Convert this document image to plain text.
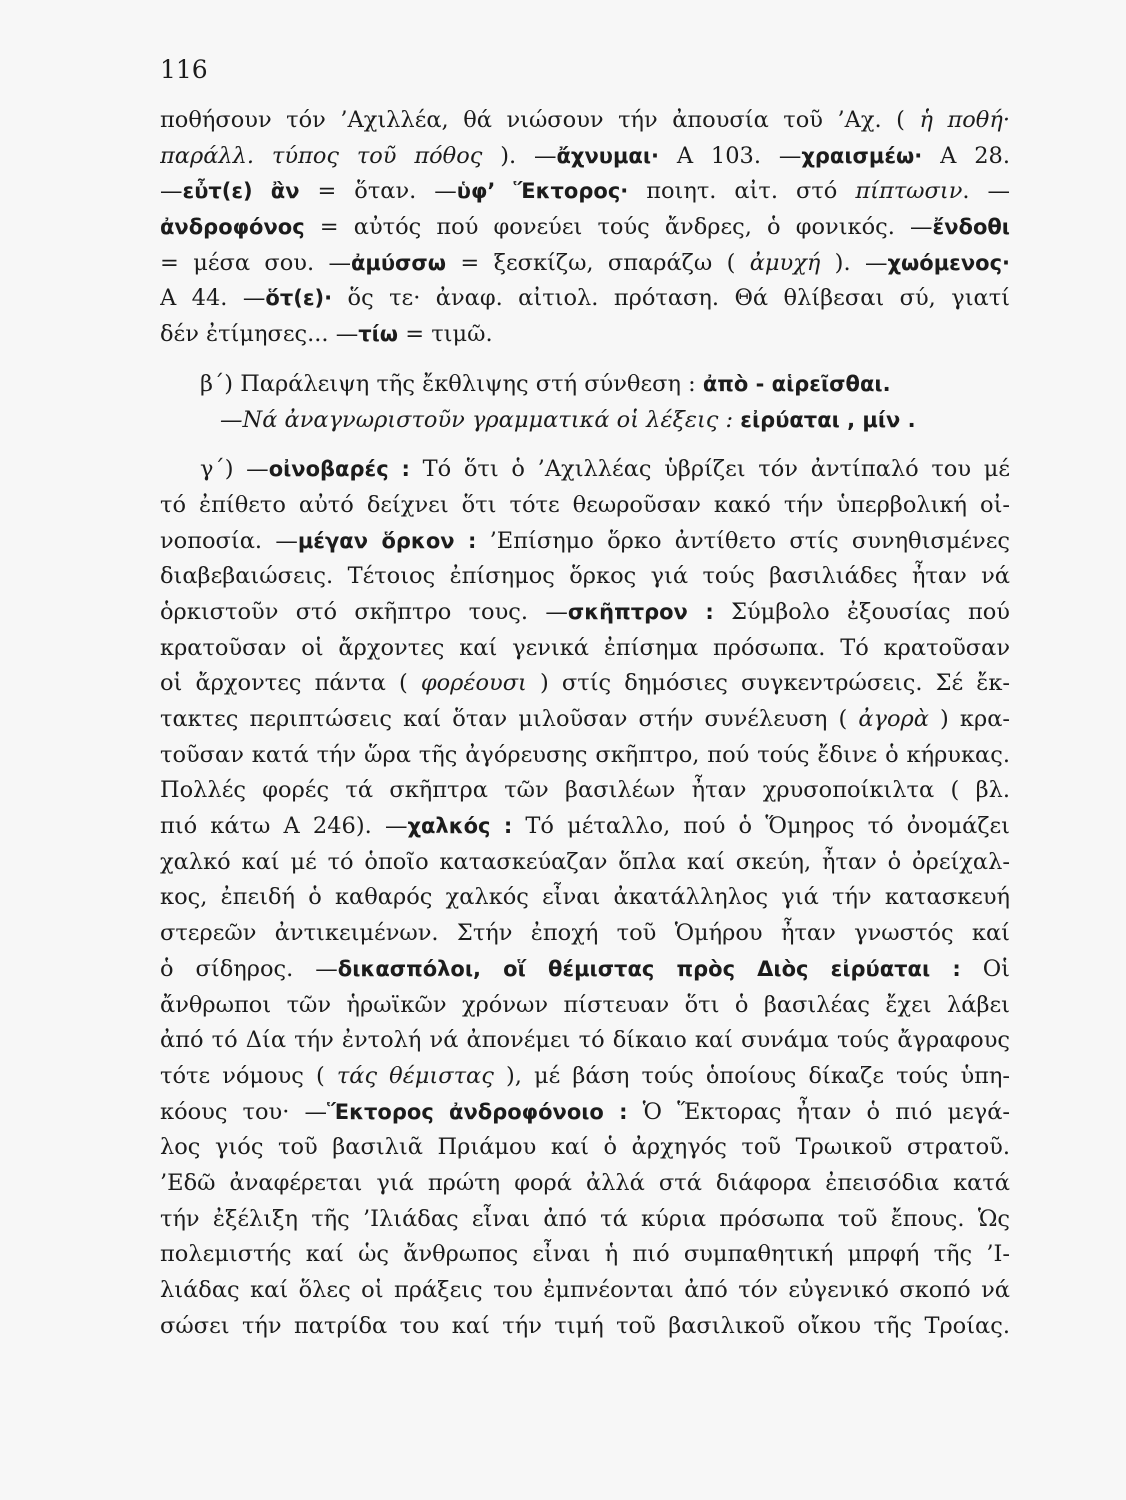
116
ποθήσουν τόν ’Αχιλλέα, θά νιώσουν τήν ἀπουσία τοῦ ’Αχ. ( ἡ ποθή·
παράλλ. τύπος τοῦ πόθος ). —ἄχνυμαι· Α 103. —χραισμέω· Α 28.
—εὖτ(ε) ἂν = ὅταν. —ὑφ’ Ἕκτορος· ποιητ. αἰτ. στό πίπτωσιν. —
ἀνδροφόνος = αὐτός πού φονεύει τούς ἄνδρες, ὁ φονικός. —ἔνδοθι
= μέσα σου. —ἀμύσσω = ξεσκίζω, σπαράζω ( ἀμυχή ). —χωόμενος·
Α 44. —ὅτ(ε)· ὅς τε· ἀναφ. αἰτιολ. πρόταση. Θά θλίβεσαι σύ, γιατί
δέν ἐτίμησες... —τίω = τιμῶ.
β΄) Παράλειψη τῆς ἔκθλιψης στή σύνθεση : ἀπὸ - αἱρεῖσθαι.
—Νά ἀναγνωριστοῦν γραμματικά οἱ λέξεις : εἰρύαται , μίν .
γ΄) —οἰνοβαρές : Τό ὅτι ὁ ’Αχιλλέας ὑβρίζει τόν ἀντίπαλό του μέ
τό ἐπίθετο αὐτό δείχνει ὅτι τότε θεωροῦσαν κακό τήν ὑπερβολική οἰ-
νοποσία. —μέγαν ὅρκον : ’Επίσημο ὅρκο ἀντίθετο στίς συνηθισμένες
διαβεβαιώσεις. Τέτοιος ἐπίσημος ὅρκος γιά τούς βασιλιάδες ἦταν νά
ὁρκιστοῦν στό σκῆπτρο τους. —σκῆπτρον : Σύμβολο ἐξουσίας πού
κρατοῦσαν οἱ ἄρχοντες καί γενικά ἐπίσημα πρόσωπα. Τό κρατοῦσαν
οἱ ἄρχοντες πάντα ( φορέουσι ) στίς δημόσιες συγκεντρώσεις. Σέ ἔκ-
τακτες περιπτώσεις καί ὅταν μιλοῦσαν στήν συνέλευση ( ἀγορὰ ) κρα-
τοῦσαν κατά τήν ὥρα τῆς ἀγόρευσης σκῆπτρο, πού τούς ἔδινε ὁ κήρυκας.
Πολλές φορές τά σκῆπτρα τῶν βασιλέων ἦταν χρυσοποίκιλτα ( βλ.
πιό κάτω Α 246). —χαλκός : Τό μέταλλο, πού ὁ Ὅμηρος τό ὀνομάζει
χαλκό καί μέ τό ὁποῖο κατασκεύαζαν ὅπλα καί σκεύη, ἦταν ὁ ὀρείχαλ-
κος, ἐπειδή ὁ καθαρός χαλκός εἶναι ἀκατάλληλος γιά τήν κατασκευή
στερεῶν ἀντικειμένων. Στήν ἐποχή τοῦ Ὁμήρου ἦταν γνωστός καί
ὁ σίδηρος. —δικασπόλοι, οἵ θέμιστας πρὸς Διὸς εἰρύαται : Οἱ
ἄνθρωποι τῶν ἡρωϊκῶν χρόνων πίστευαν ὅτι ὁ βασιλέας ἔχει λάβει
ἀπό τό Δία τήν ἐντολή νά ἀπονέμει τό δίκαιο καί συνάμα τούς ἄγραφους
τότε νόμους ( τάς θέμιστας ), μέ βάση τούς ὁποίους δίκαζε τούς ὑπη-
κόους του· —Ἕκτορος ἀνδροφόνοιο : Ὁ Ἕκτορας ἦταν ὁ πιό μεγά-
λος γιός τοῦ βασιλιᾶ Πριάμου καί ὁ ἀρχηγός τοῦ Τρωικοῦ στρατοῦ.
’Εδῶ ἀναφέρεται γιά πρώτη φορά ἀλλά στά διάφορα ἐπεισόδια κατά
τήν ἐξέλιξη τῆς ’Ιλιάδας εἶναι ἀπό τά κύρια πρόσωπα τοῦ ἔπους. Ὡς
πολεμιστής καί ὡς ἄνθρωπος εἶναι ἡ πιό συμπαθητική μπρφή τῆς ’Ι-
λιάδας καί ὅλες οἱ πράξεις του ἐμπνέονται ἀπό τόν εὐγενικό σκοπό νά
σώσει τήν πατρίδα του καί τήν τιμή τοῦ βασιλικοῦ οἴκου τῆς Τροίας.
